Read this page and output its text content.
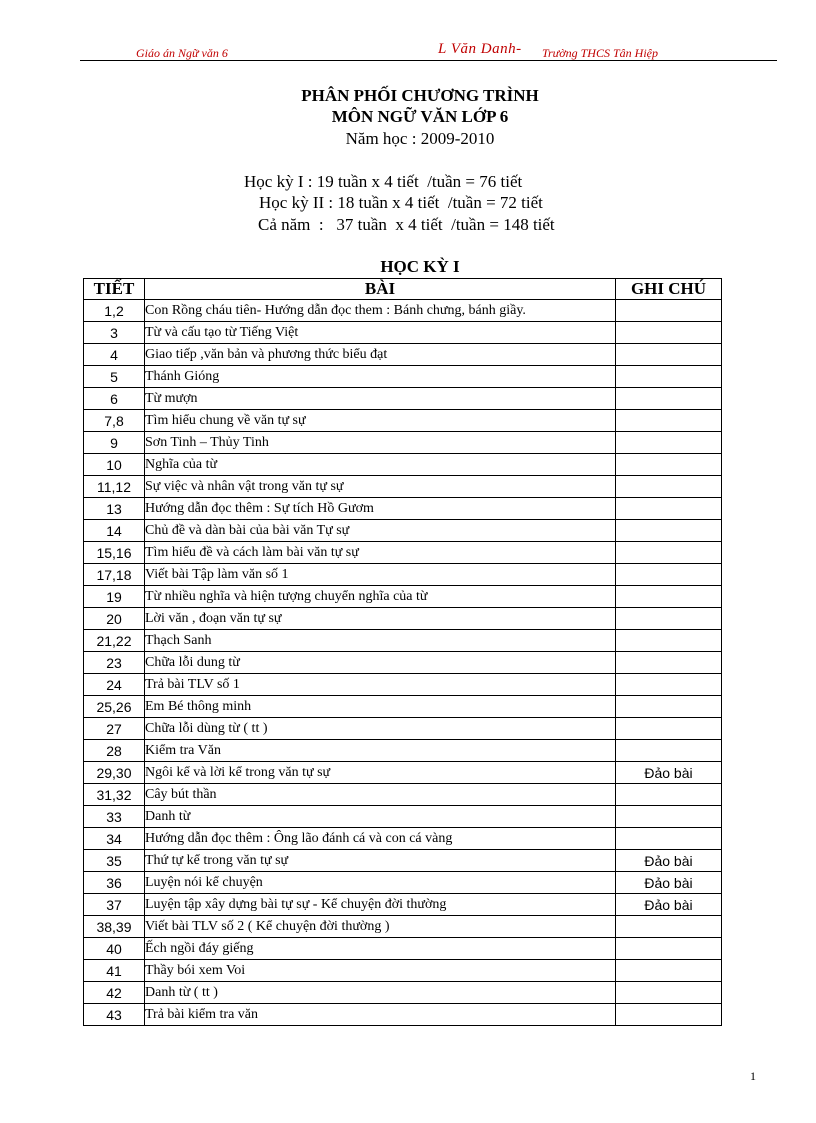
Giáo án Ngữ văn 6	L Văn Danh- Trường THCS Tân Hiệp
PHÂN PHỐI CHƯƠNG TRÌNH
MÔN NGỮ VĂN LỚP 6
Năm học : 2009-2010
Học kỳ I : 19 tuần x 4 tiết  /tuần = 76 tiết
Học kỳ II : 18 tuần x 4 tiết  /tuần = 72 tiết
Cả năm  :   37 tuần  x 4 tiết  /tuần = 148 tiết
HỌC KỲ I
TIẾT	BÀI	GHI CHÚ
1,2	Con Rồng cháu tiên- Hướng dẫn đọc them : Bánh chưng, bánh giầy.	
3	Từ và cấu tạo từ Tiếng Việt	
4	Giao tiếp ,văn bản và phương thức biểu đạt	
5	Thánh Gióng	
6	Từ mượn	
7,8	Tìm hiểu chung về văn tự sự	
9	Sơn Tinh – Thủy Tinh	
10	Nghĩa của từ	
11,12	Sự việc và nhân vật trong văn tự sự	
13	Hướng dẫn đọc thêm : Sự tích Hồ Gươm	
14	Chủ đề và dàn bài của bài văn Tự sự	
15,16	Tìm hiểu đề và cách làm bài văn tự sự	
17,18	Viết bài Tập làm văn số 1	
19	Từ nhiều nghĩa và hiện tượng chuyển nghĩa của từ	
20	Lời văn , đoạn văn tự sự	
21,22	Thạch Sanh	
23	Chữa lỗi dung từ	
24	Trả bài TLV số 1	
25,26	Em Bé thông minh	
27	Chữa lỗi dùng từ ( tt )	
28	Kiểm tra Văn	
29,30	Ngôi kể và lời kể trong văn tự sự	Đảo bài
31,32	Cây bút thần	
33	Danh từ	
34	Hướng dẫn đọc thêm : Ông lão đánh cá và con cá vàng	
35	Thứ tự kể trong văn tự sự	Đảo bài
36	Luyện nói kể chuyện	Đảo bài
37	Luyện tập xây dựng bài tự sự - Kể chuyện đời thường	Đảo bài
38,39	Viết bài TLV số 2 ( Kể chuyện đời thường )	
40	Ếch ngồi đáy giếng	
41	Thầy bói xem Voi	
42	Danh từ ( tt )	
43	Trả bài kiểm tra văn	
1
